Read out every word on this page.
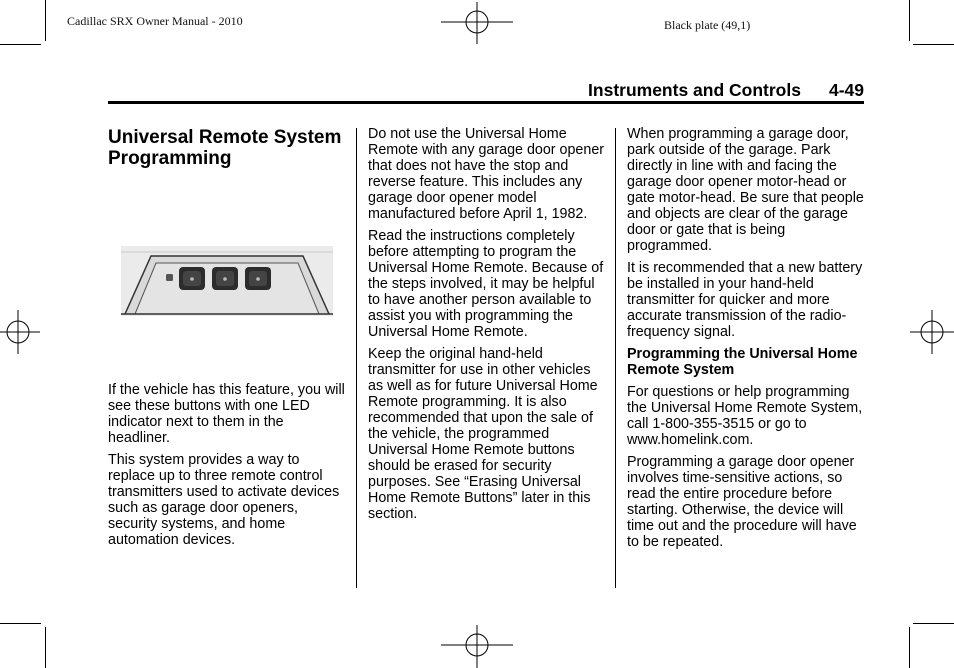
Cadillac SRX Owner Manual - 2010	Black plate (49,1)
Instruments and Controls 4-49
Universal Remote System Programming

If the vehicle has this feature, you will see these buttons with one LED indicator next to them in the headliner.

This system provides a way to replace up to three remote control transmitters used to activate devices such as garage door openers, security systems, and home automation devices.

Do not use the Universal Home Remote with any garage door opener that does not have the stop and reverse feature. This includes any garage door opener model manufactured before April 1, 1982.

Read the instructions completely before attempting to program the Universal Home Remote. Because of the steps involved, it may be helpful to have another person available to assist you with programming the Universal Home Remote.

Keep the original hand-held transmitter for use in other vehicles as well as for future Universal Home Remote programming. It is also recommended that upon the sale of the vehicle, the programmed Universal Home Remote buttons should be erased for security purposes. See “Erasing Universal Home Remote Buttons” later in this section.

When programming a garage door, park outside of the garage. Park directly in line with and facing the garage door opener motor-head or gate motor-head. Be sure that people and objects are clear of the garage door or gate that is being programmed.

It is recommended that a new battery be installed in your hand-held transmitter for quicker and more accurate transmission of the radio-frequency signal.

Programming the Universal Home Remote System

For questions or help programming the Universal Home Remote System, call 1-800-355-3515 or go to www.homelink.com.

Programming a garage door opener involves time-sensitive actions, so read the entire procedure before starting. Otherwise, the device will time out and the procedure will have to be repeated.
